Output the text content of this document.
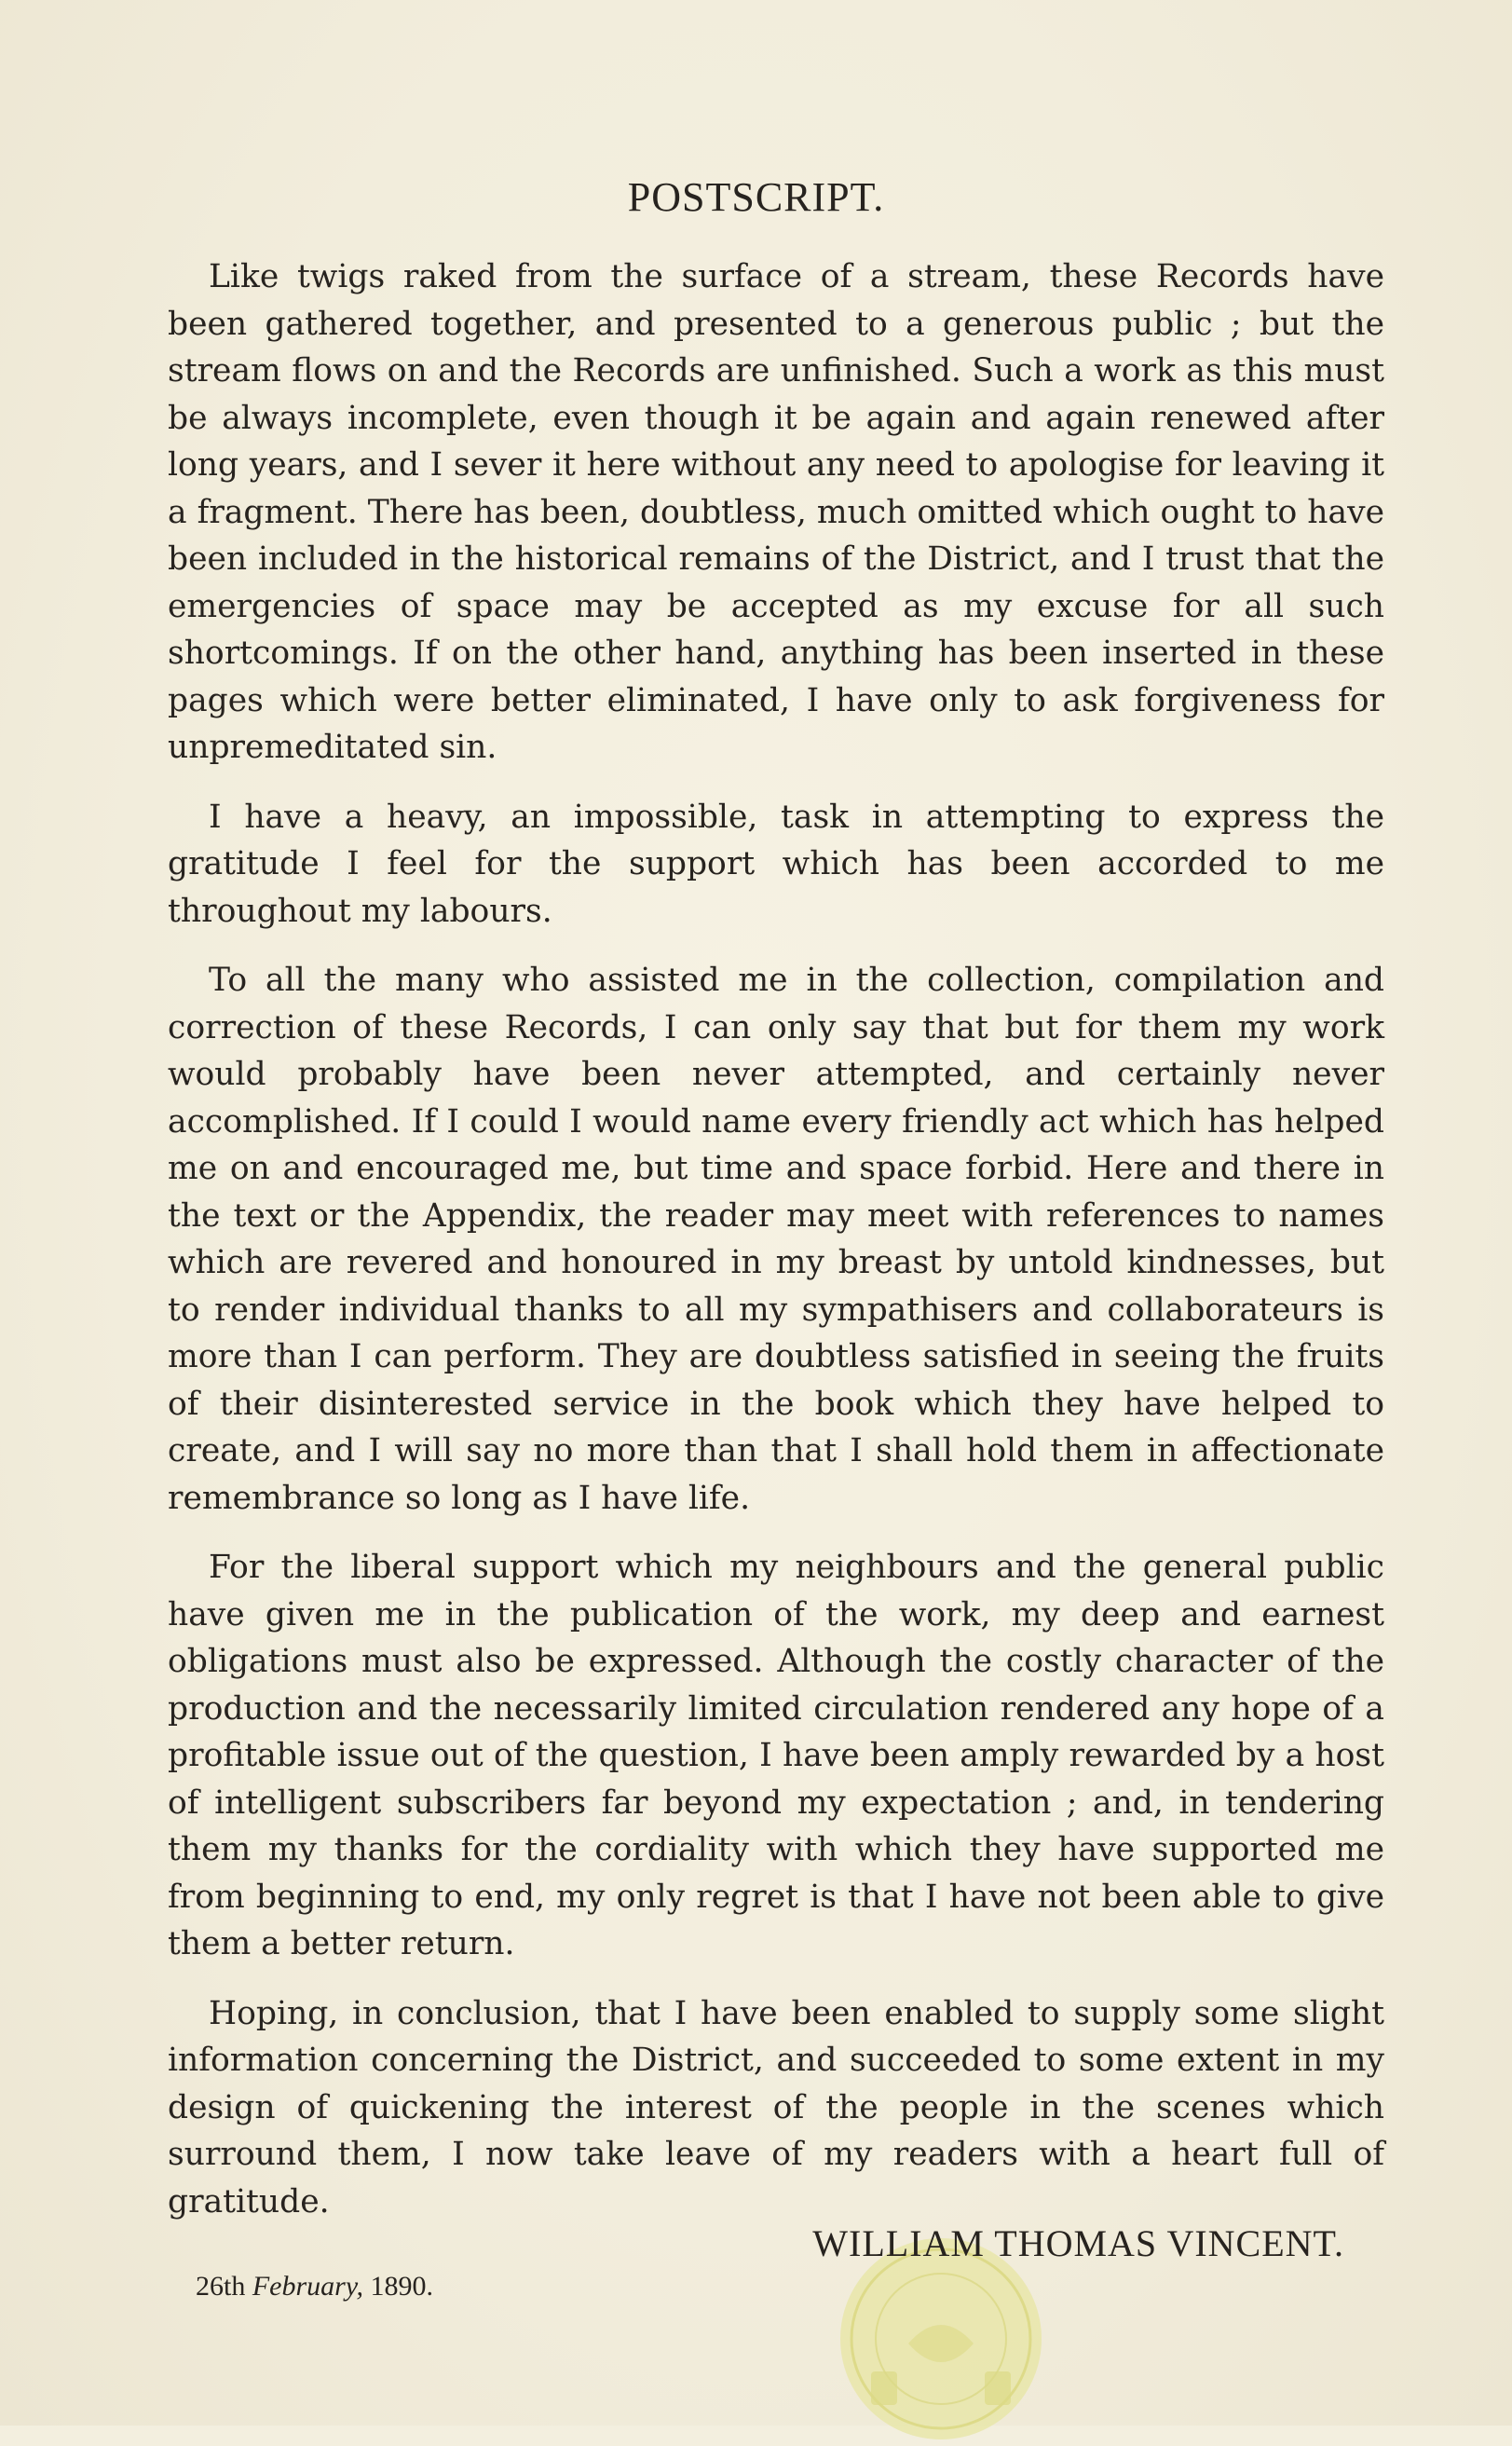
POSTSCRIPT.

Like twigs raked from the surface of a stream, these Records have been gathered together, and presented to a generous public ; but the stream flows on and the Records are unfinished. Such a work as this must be always incomplete, even though it be again and again renewed after long years, and I sever it here without any need to apologise for leaving it a fragment. There has been, doubtless, much omitted which ought to have been included in the historical remains of the District, and I trust that the emergencies of space may be accepted as my excuse for all such shortcomings. If on the other hand, anything has been inserted in these pages which were better eliminated, I have only to ask forgiveness for unpremeditated sin.

I have a heavy, an impossible, task in attempting to express the gratitude I feel for the support which has been accorded to me throughout my labours.

To all the many who assisted me in the collection, compilation and correction of these Records, I can only say that but for them my work would probably have been never attempted, and certainly never accomplished. If I could I would name every friendly act which has helped me on and encouraged me, but time and space forbid. Here and there in the text or the Appendix, the reader may meet with references to names which are revered and honoured in my breast by untold kindnesses, but to render individual thanks to all my sympathisers and collaborateurs is more than I can perform. They are doubtless satisfied in seeing the fruits of their disinterested service in the book which they have helped to create, and I will say no more than that I shall hold them in affectionate remembrance so long as I have life.

For the liberal support which my neighbours and the general public have given me in the publication of the work, my deep and earnest obligations must also be expressed. Although the costly character of the production and the necessarily limited circulation rendered any hope of a profitable issue out of the question, I have been amply rewarded by a host of intelligent subscribers far beyond my expectation ; and, in tendering them my thanks for the cordiality with which they have supported me from beginning to end, my only regret is that I have not been able to give them a better return.

Hoping, in conclusion, that I have been enabled to supply some slight information concerning the District, and succeeded to some extent in my design of quickening the interest of the people in the scenes which surround them, I now take leave of my readers with a heart full of gratitude.

WILLIAM THOMAS VINCENT.
26th February, 1890.
